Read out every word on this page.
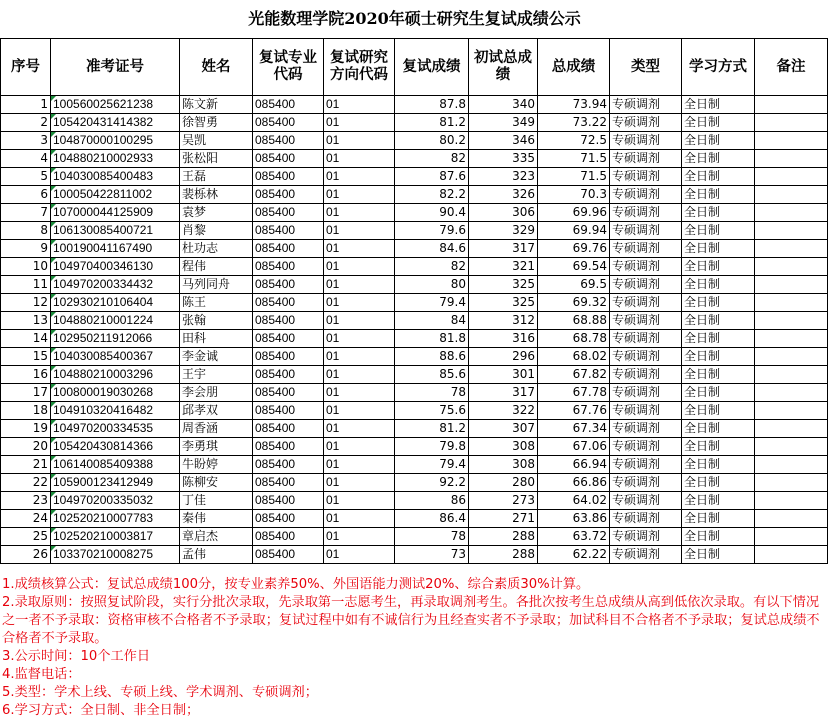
光能数理学院2020年硕士研究生复试成绩公示
序号	准考证号	姓名	复试专业代码	复试研究方向代码	复试成绩	初试总成绩	总成绩	类型	学习方式	备注
1	100560025621238	陈文新	085400	01	87.8	340	73.94	专硕调剂	全日制	
2	105420431414382	徐智勇	085400	01	81.2	349	73.22	专硕调剂	全日制	
3	104870000100295	吴凯	085400	01	80.2	346	72.5	专硕调剂	全日制	
4	104880210002933	张松阳	085400	01	82	335	71.5	专硕调剂	全日制	
5	104030085400483	王磊	085400	01	87.6	323	71.5	专硕调剂	全日制	
6	100050422811002	裴栎林	085400	01	82.2	326	70.3	专硕调剂	全日制	
7	107000044125909	袁梦	085400	01	90.4	306	69.96	专硕调剂	全日制	
8	106130085400721	肖黎	085400	01	79.6	329	69.94	专硕调剂	全日制	
9	100190041167490	杜功志	085400	01	84.6	317	69.76	专硕调剂	全日制	
10	104970400346130	程伟	085400	01	82	321	69.54	专硕调剂	全日制	
11	104970200334432	马列同舟	085400	01	80	325	69.5	专硕调剂	全日制	
12	102930210106404	陈王	085400	01	79.4	325	69.32	专硕调剂	全日制	
13	104880210001224	张翰	085400	01	84	312	68.88	专硕调剂	全日制	
14	102950211912066	田科	085400	01	81.8	316	68.78	专硕调剂	全日制	
15	104030085400367	李金诚	085400	01	88.6	296	68.02	专硕调剂	全日制	
16	104880210003296	王宇	085400	01	85.6	301	67.82	专硕调剂	全日制	
17	100800019030268	李会朋	085400	01	78	317	67.78	专硕调剂	全日制	
18	104910320416482	邱孝双	085400	01	75.6	322	67.76	专硕调剂	全日制	
19	104970200334535	周香涵	085400	01	81.2	307	67.34	专硕调剂	全日制	
20	105420430814366	李勇琪	085400	01	79.8	308	67.06	专硕调剂	全日制	
21	106140085409388	牛盼婷	085400	01	79.4	308	66.94	专硕调剂	全日制	
22	105900123412949	陈柳安	085400	01	92.2	280	66.86	专硕调剂	全日制	
23	104970200335032	丁佳	085400	01	86	273	64.02	专硕调剂	全日制	
24	102520210007783	秦伟	085400	01	86.4	271	63.86	专硕调剂	全日制	
25	102520210003817	章启杰	085400	01	78	288	63.72	专硕调剂	全日制	
26	103370210008275	孟伟	085400	01	73	288	62.22	专硕调剂	全日制	
1.成绩核算公式：复试总成绩100分，按专业素养50%、外国语能力测试20%、综合素质30%计算。
2.录取原则：按照复试阶段，实行分批次录取，先录取第一志愿考生，再录取调剂考生。各批次按考生总成绩从高到低依次录取。有以下情况之一者不予录取：资格审核不合格者不予录取；复试过程中如有不诚信行为且经查实者不予录取；加试科目不合格者不予录取；复试总成绩不合格者不予录取。
3.公示时间：10个工作日
4.监督电话：
5.类型：学术上线、专硕上线、学术调剂、专硕调剂；
6.学习方式：全日制、非全日制；
